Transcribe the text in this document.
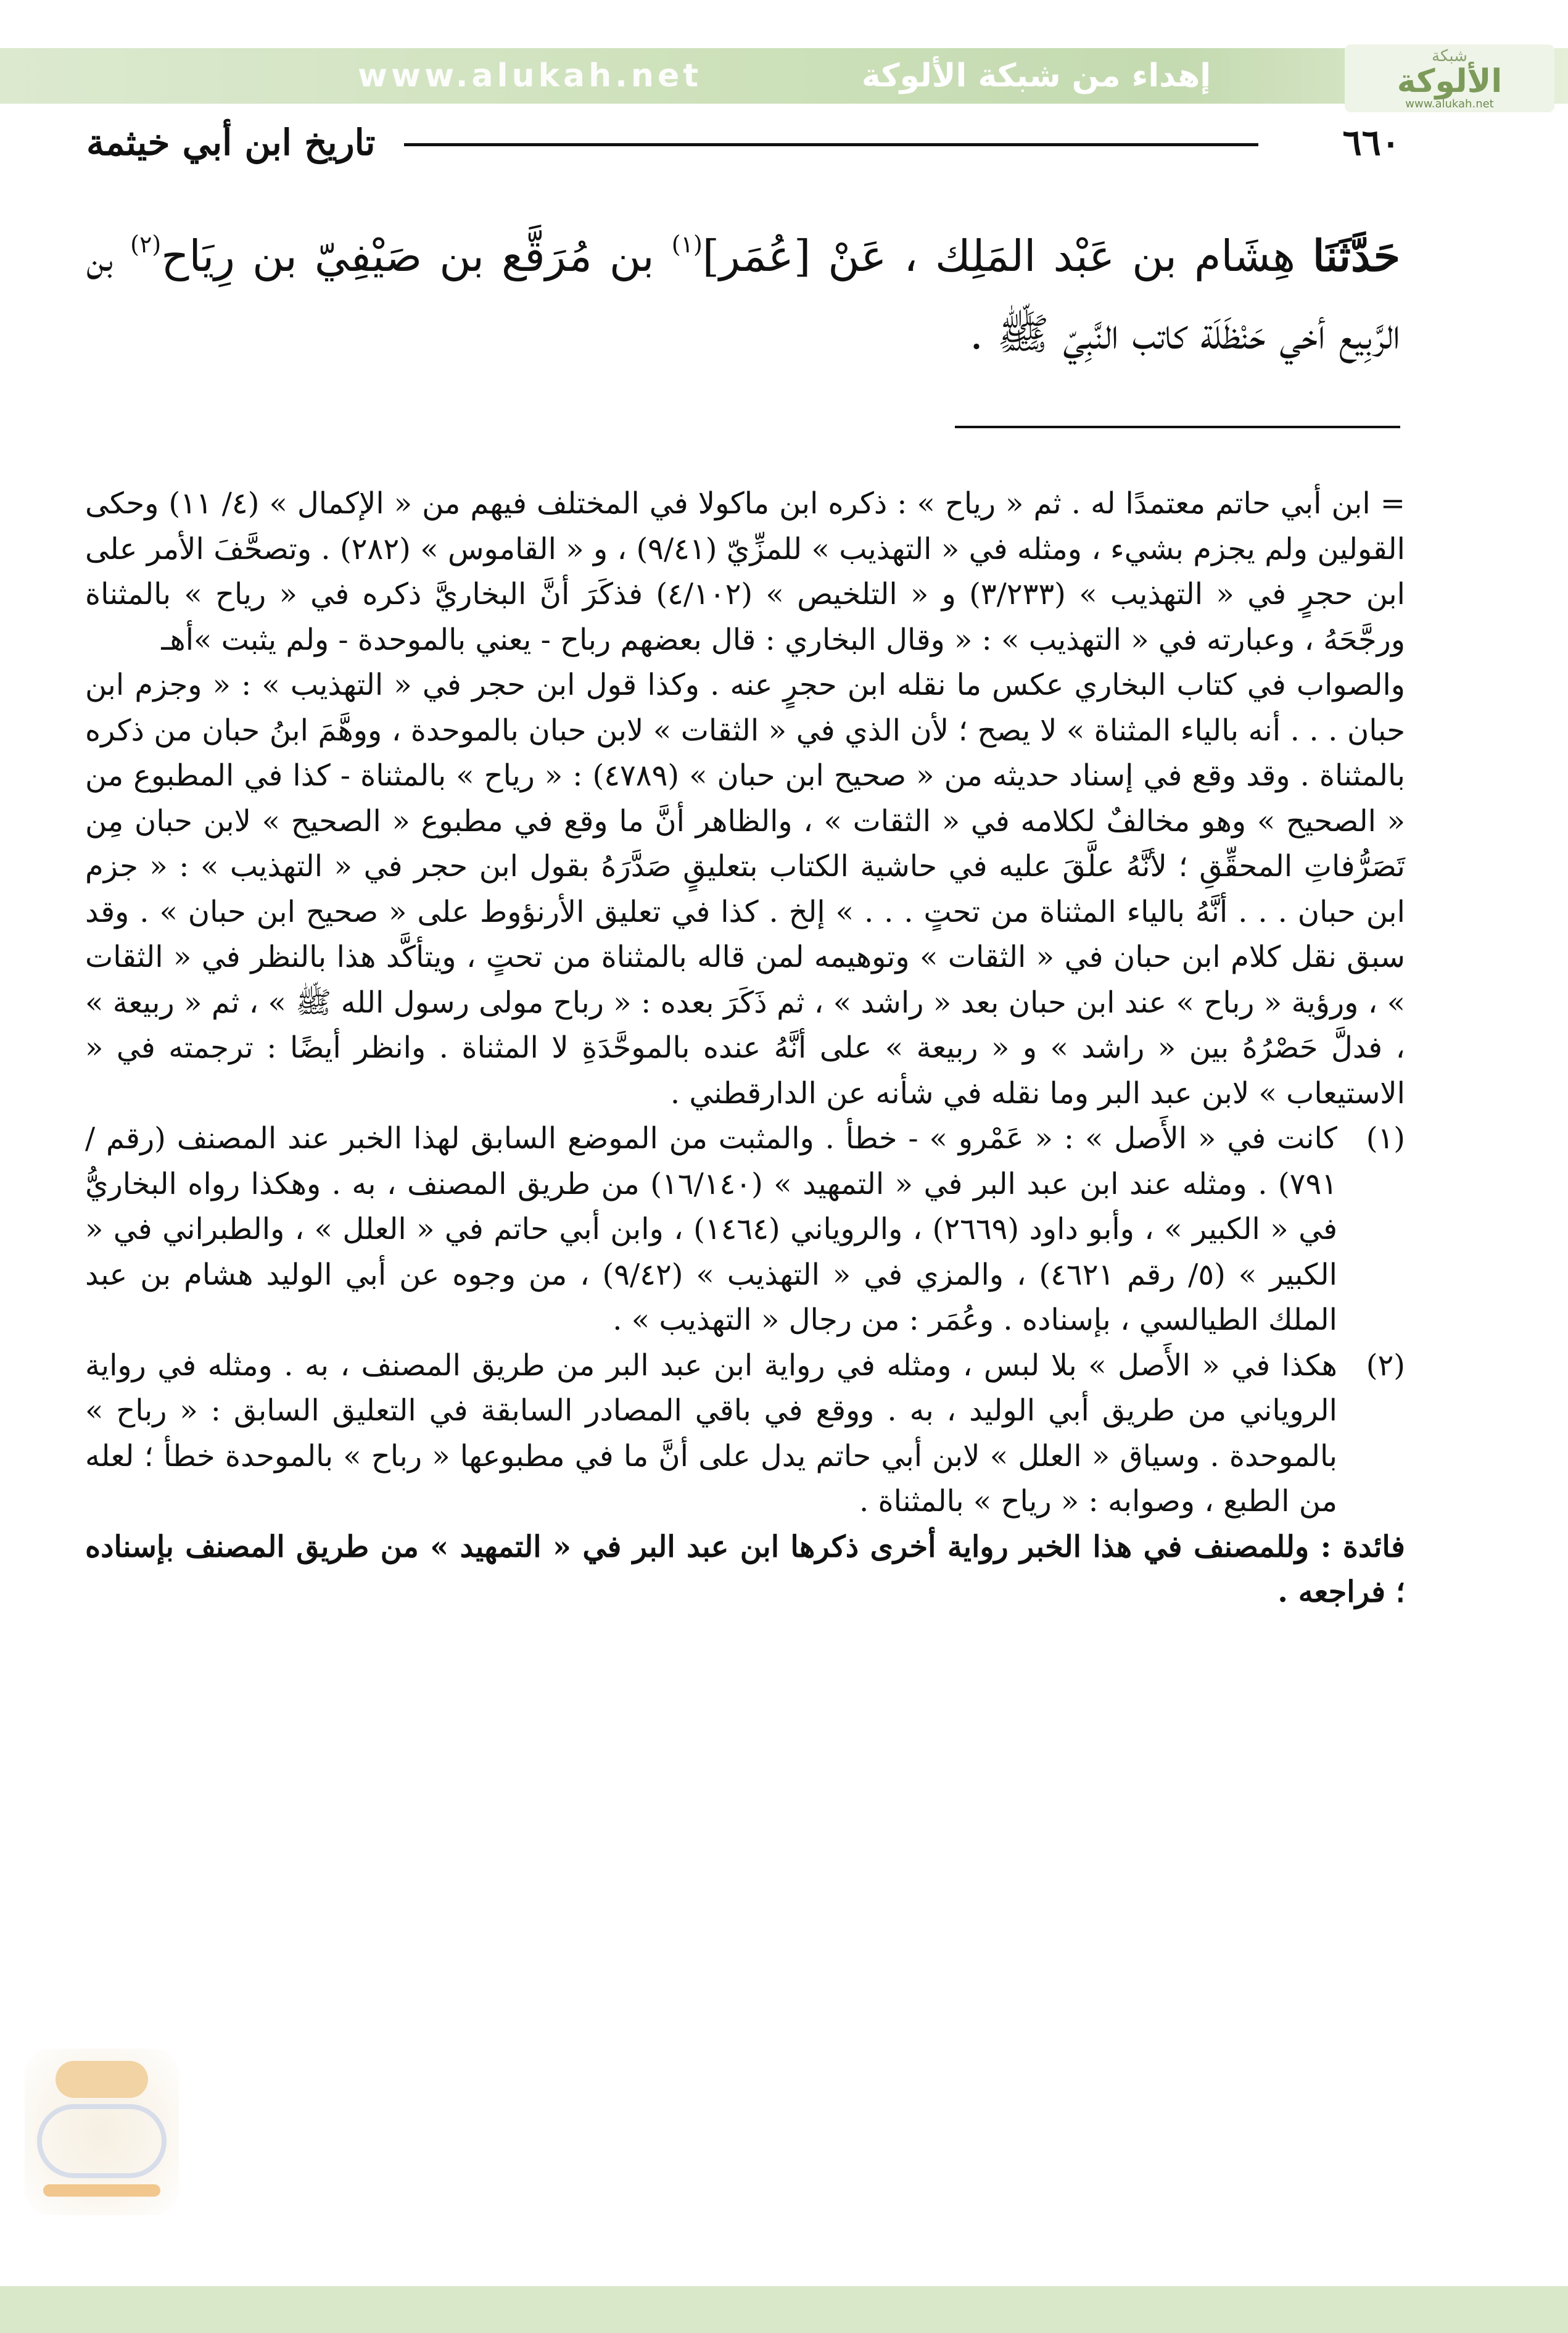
www.alukah.net	إهداء من شبكة الألوكة
شبكة
الألوكة
www.alukah.net
٦٦٠
تاريخ ابن أبي خيثمة
حَدَّثَنَا هِشَام بن عَبْد المَلِك ، عَنْ [عُمَر]$^{(١)}$ بن مُرَقَّع بن صَيْفِيّ بن رِيَاح$^{(٢)}$ بن الرَّبِيع أخي حَنْظَلَة كاتب النَّبِيّ ﷺ .

= ابن أبي حاتم معتمدًا له . ثم « رياح » : ذكره ابن ماكولا في المختلف فيهم من « الإكمال » (٤/ ١١) وحكى القولين ولم يجزم بشيء ، ومثله في « التهذيب » للمزِّيّ (٩/٤١) ، و « القاموس » (٢٨٢) . وتصحَّفَ الأمر على ابن حجرٍ في « التهذيب » (٣/٢٣٣) و « التلخيص » (٤/١٠٢) فذكَرَ أنَّ البخاريَّ ذكره في « رياح » بالمثناة ورجَّحَهُ ، وعبارته في « التهذيب » : « وقال البخاري : قال بعضهم رباح - يعني بالموحدة - ولم يثبت »أهـ

والصواب في كتاب البخاري عكس ما نقله ابن حجرٍ عنه . وكذا قول ابن حجر في « التهذيب » : « وجزم ابن حبان . . . أنه بالياء المثناة » لا يصح ؛ لأن الذي في « الثقات » لابن حبان بالموحدة ، ووهَّمَ ابنُ حبان من ذكره بالمثناة . وقد وقع في إسناد حديثه من « صحيح ابن حبان » (٤٧٨٩) : « رياح » بالمثناة - كذا في المطبوع من « الصحيح » وهو مخالفٌ لكلامه في « الثقات » ، والظاهر أنَّ ما وقع في مطبوع « الصحيح » لابن حبان مِن تَصَرُّفاتِ المحقِّقِ ؛ لأنَّهُ علَّقَ عليه في حاشية الكتاب بتعليقٍ صَدَّرَهُ بقول ابن حجر في « التهذيب » : « جزم ابن حبان . . . أنَّهُ بالياء المثناة من تحتٍ . . . » إلخ . كذا في تعليق الأرنؤوط على « صحيح ابن حبان » . وقد سبق نقل كلام ابن حبان في « الثقات » وتوهيمه لمن قاله بالمثناة من تحتٍ ، ويتأكَّد هذا بالنظر في « الثقات » ، ورؤية « رباح » عند ابن حبان بعد « راشد » ، ثم ذَكَرَ بعده : « رباح مولى رسول الله ﷺ » ، ثم « ربيعة » ، فدلَّ حَصْرُهُ بين « راشد » و « ربيعة » على أنَّهُ عنده بالموحَّدَةِ لا المثناة . وانظر أيضًا : ترجمته في « الاستيعاب » لابن عبد البر وما نقله في شأنه عن الدارقطني .

(١)
كانت في « الأَصل » : « عَمْرو » - خطأ . والمثبت من الموضع السابق لهذا الخبر عند المصنف (رقم /٧٩١) . ومثله عند ابن عبد البر في « التمهيد » (١٦/١٤٠) من طريق المصنف ، به . وهكذا رواه البخاريُّ في « الكبير » ، وأبو داود (٢٦٦٩) ، والروياني (١٤٦٤) ، وابن أبي حاتم في « العلل » ، والطبراني في « الكبير » (٥/ رقم ٤٦٢١) ، والمزي في « التهذيب » (٩/٤٢) ، من وجوه عن أبي الوليد هشام بن عبد الملك الطيالسي ، بإسناده . وعُمَر : من رجال « التهذيب » .
(٢)
هكذا في « الأَصل » بلا لبس ، ومثله في رواية ابن عبد البر من طريق المصنف ، به . ومثله في رواية الروياني من طريق أبي الوليد ، به . ووقع في باقي المصادر السابقة في التعليق السابق : « رباح » بالموحدة . وسياق « العلل » لابن أبي حاتم يدل على أنَّ ما في مطبوعها « رباح » بالموحدة خطأ ؛ لعله من الطبع ، وصوابه : « رياح » بالمثناة .

فائدة : وللمصنف في هذا الخبر رواية أخرى ذكرها ابن عبد البر في « التمهيد » من طريق المصنف بإسناده ؛ فراجعه .
